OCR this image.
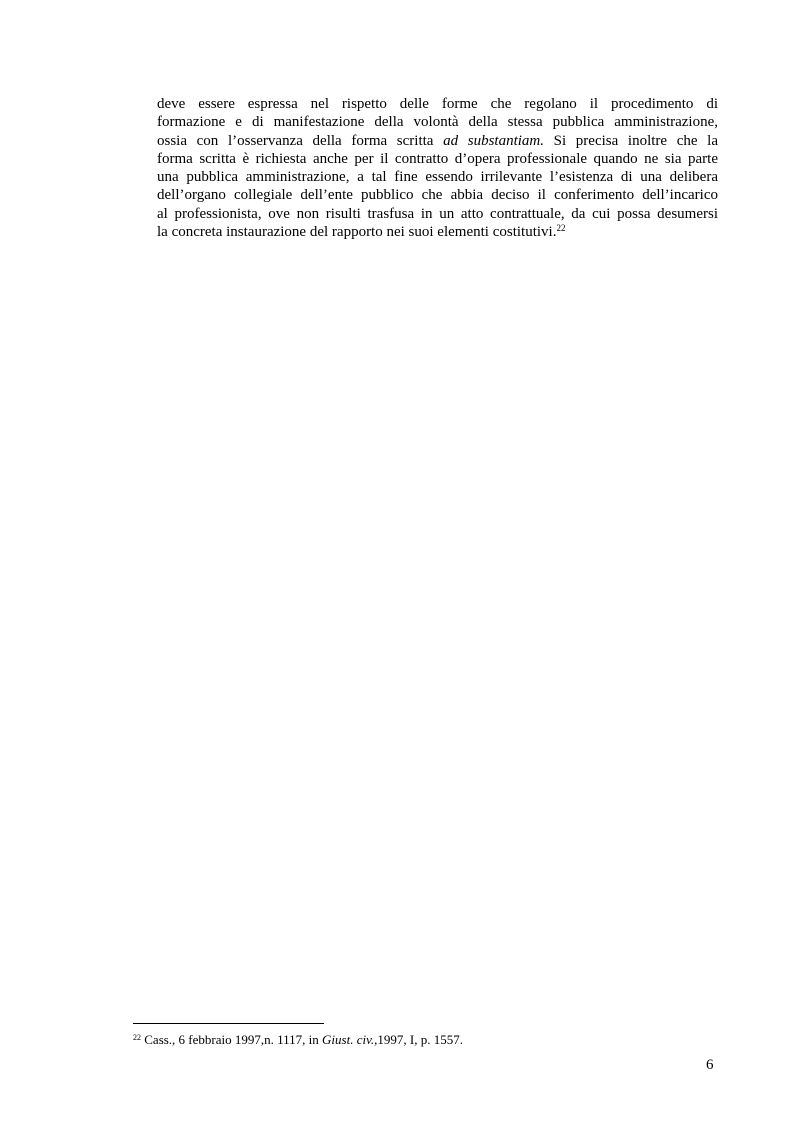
deve essere espressa nel rispetto delle forme che regolano il procedimento di
formazione e di manifestazione della volontà della stessa pubblica amministrazione,
ossia con l’osservanza della forma scritta ad substantiam. Si precisa inoltre che la
forma scritta è richiesta anche per il contratto d’opera professionale quando ne sia parte
una pubblica amministrazione, a tal fine essendo irrilevante l’esistenza di una delibera
dell’organo collegiale dell’ente pubblico che abbia deciso il conferimento dell’incarico
al professionista, ove non risulti trasfusa in un atto contrattuale, da cui possa desumersi
la concreta instaurazione del rapporto nei suoi elementi costitutivi.$^{22}$
$^{22}$ Cass., 6 febbraio 1997,n. 1117, in Giust. civ.,1997, I, p. 1557.
6
